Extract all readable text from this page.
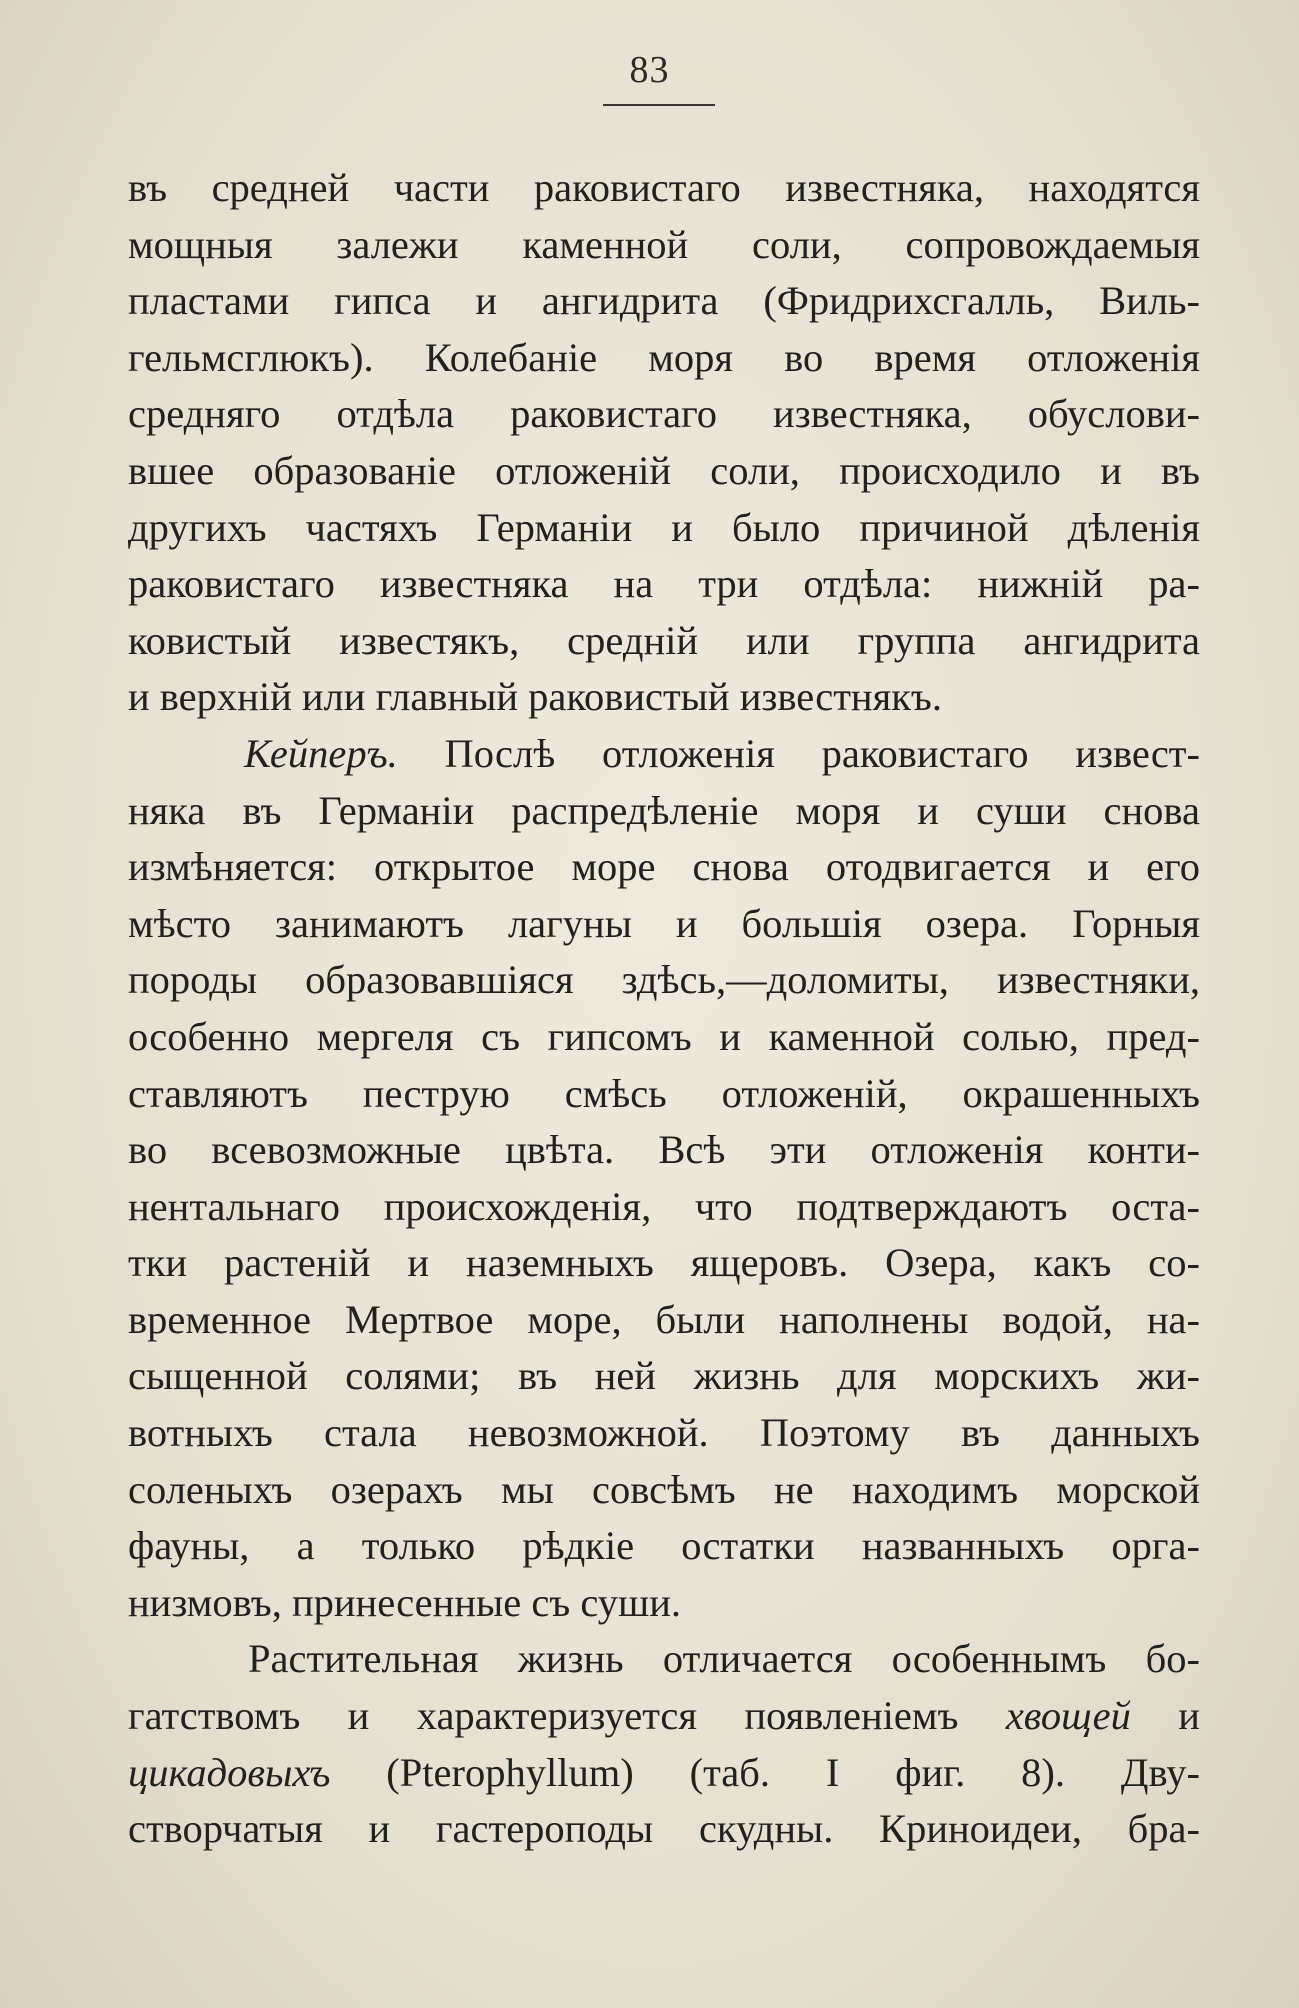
83
въ средней части раковистаго известняка, находятся
мощныя залежи каменной соли, сопровождаемыя
пластами гипса и ангидрита (Фридрихсгалль, Виль-
гельмсглюкъ). Колебаніе моря во время отложенія
средняго отдѣла раковистаго известняка, обуслови-
вшее образованіе отложеній соли, происходило и въ
другихъ частяхъ Германіи и было причиной дѣленія
раковистаго известняка на три отдѣла: нижній ра-
ковистый известякъ, средній или группа ангидрита
и верхній или главный раковистый известнякъ.
Кейперъ. Послѣ отложенія раковистаго извест-
няка въ Германіи распредѣленіе моря и суши снова
измѣняется: открытое море снова отодвигается и его
мѣсто занимаютъ лагуны и большія озера. Горныя
породы образовавшіяся здѣсь,—доломиты, известняки,
особенно мергеля съ гипсомъ и каменной солью, пред-
ставляютъ пеструю смѣсь отложеній, окрашенныхъ
во всевозможные цвѣта. Всѣ эти отложенія конти-
нентальнаго происхожденія, что подтверждаютъ оста-
тки растеній и наземныхъ ящеровъ. Озера, какъ со-
временное Мертвое море, были наполнены водой, на-
сыщенной солями; въ ней жизнь для морскихъ жи-
вотныхъ стала невозможной. Поэтому въ данныхъ
соленыхъ озерахъ мы совсѣмъ не находимъ морской
фауны, а только рѣдкіе остатки названныхъ орга-
низмовъ, принесенные съ суши.
Растительная жизнь отличается особеннымъ бо-
гатствомъ и характеризуется появленіемъ хвощей и
цикадовыхъ (Pterophyllum) (таб. I фиг. 8). Дву-
створчатыя и гастероподы скудны. Криноидеи, бра-
